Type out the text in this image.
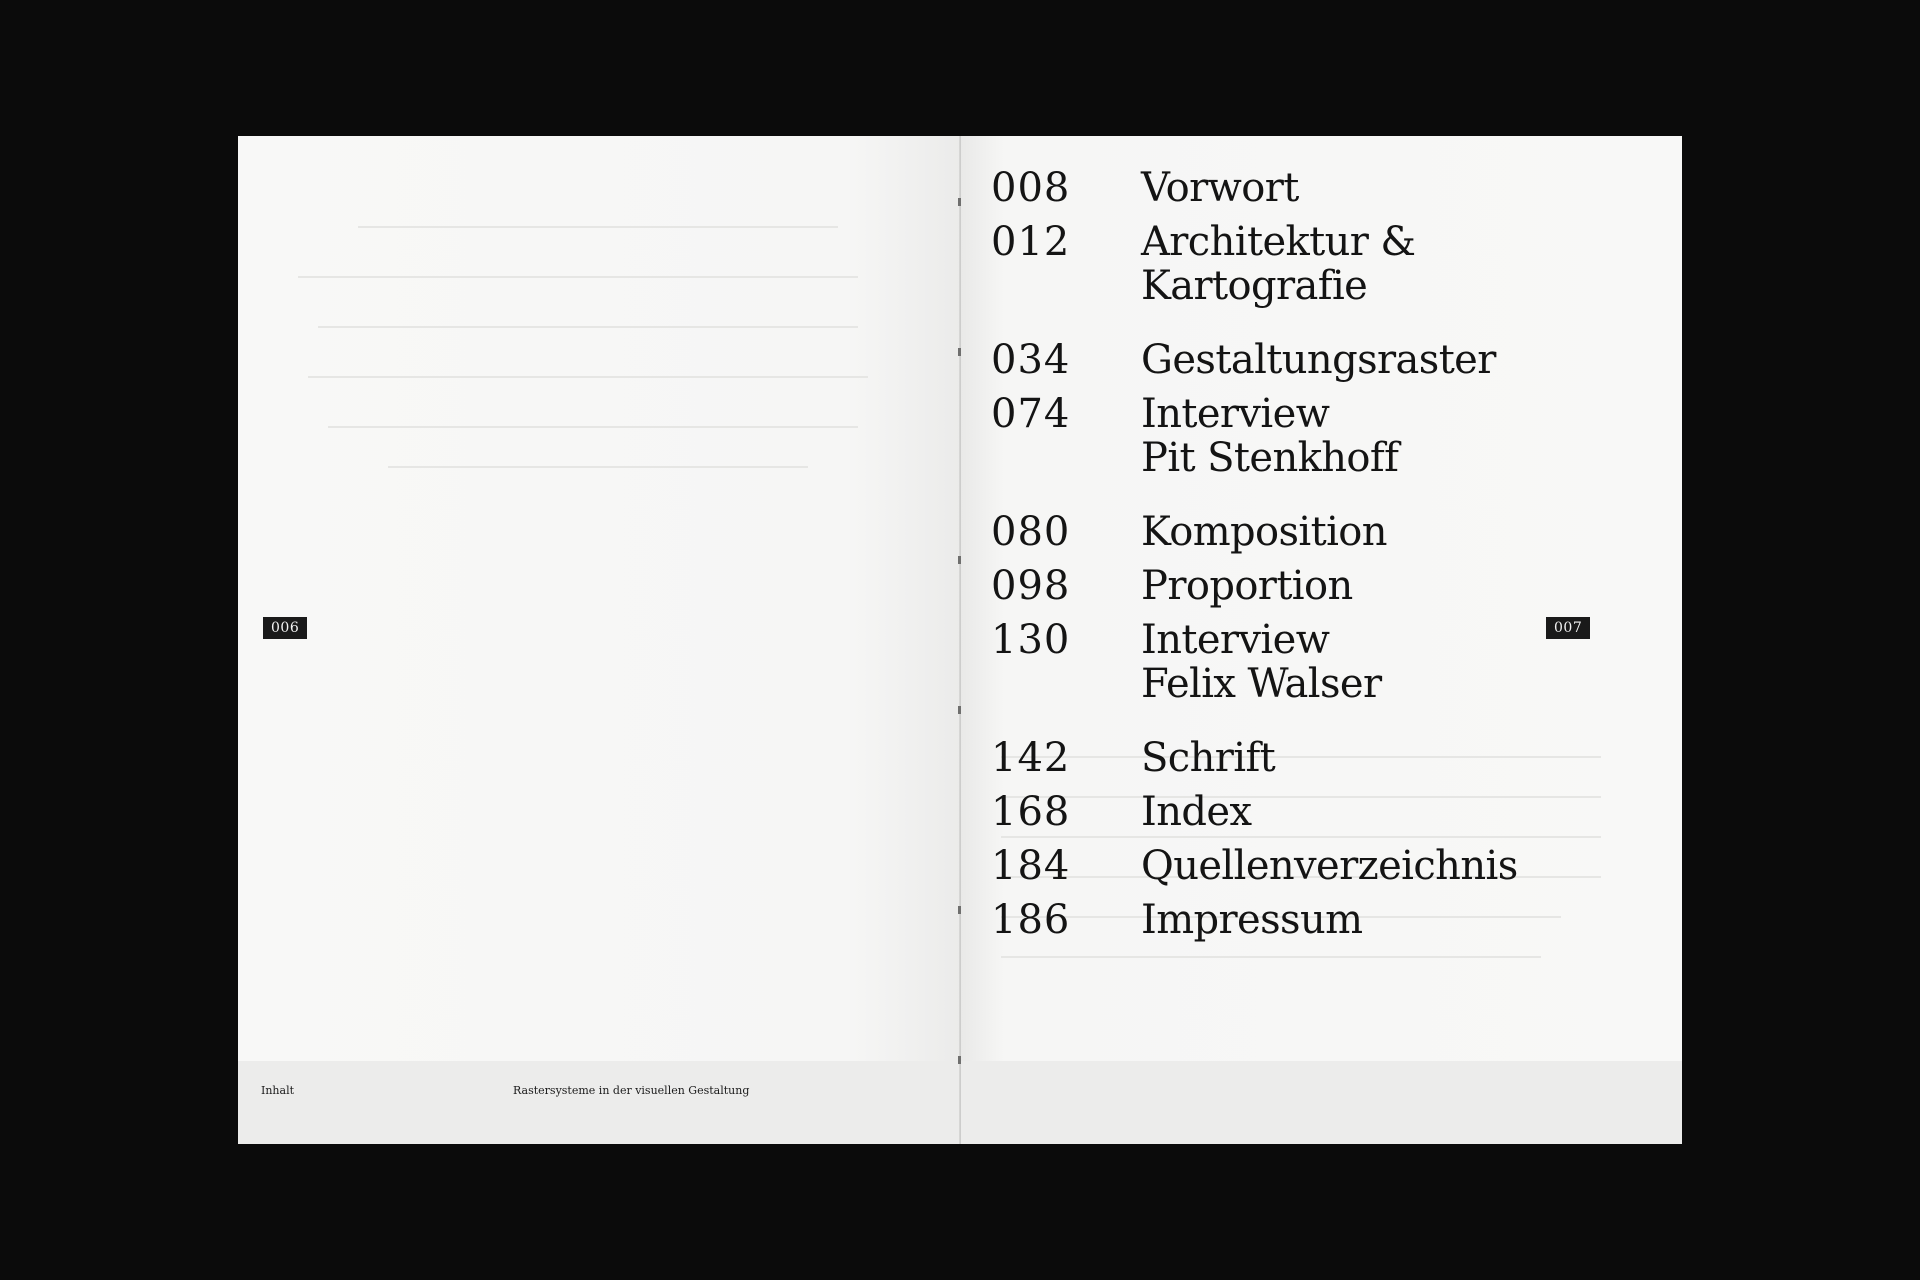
006
Inhalt	Rastersysteme in der visuellen Gestaltung
008	Vorwort
012	Architektur &
Kartografie
034	Gestaltungsraster
074	Interview
Pit Stenkhoff
080	Komposition
098	Proportion
130	Interview
Felix Walser
142	Schrift
168	Index
184	Quellenverzeichnis
186	Impressum
007
